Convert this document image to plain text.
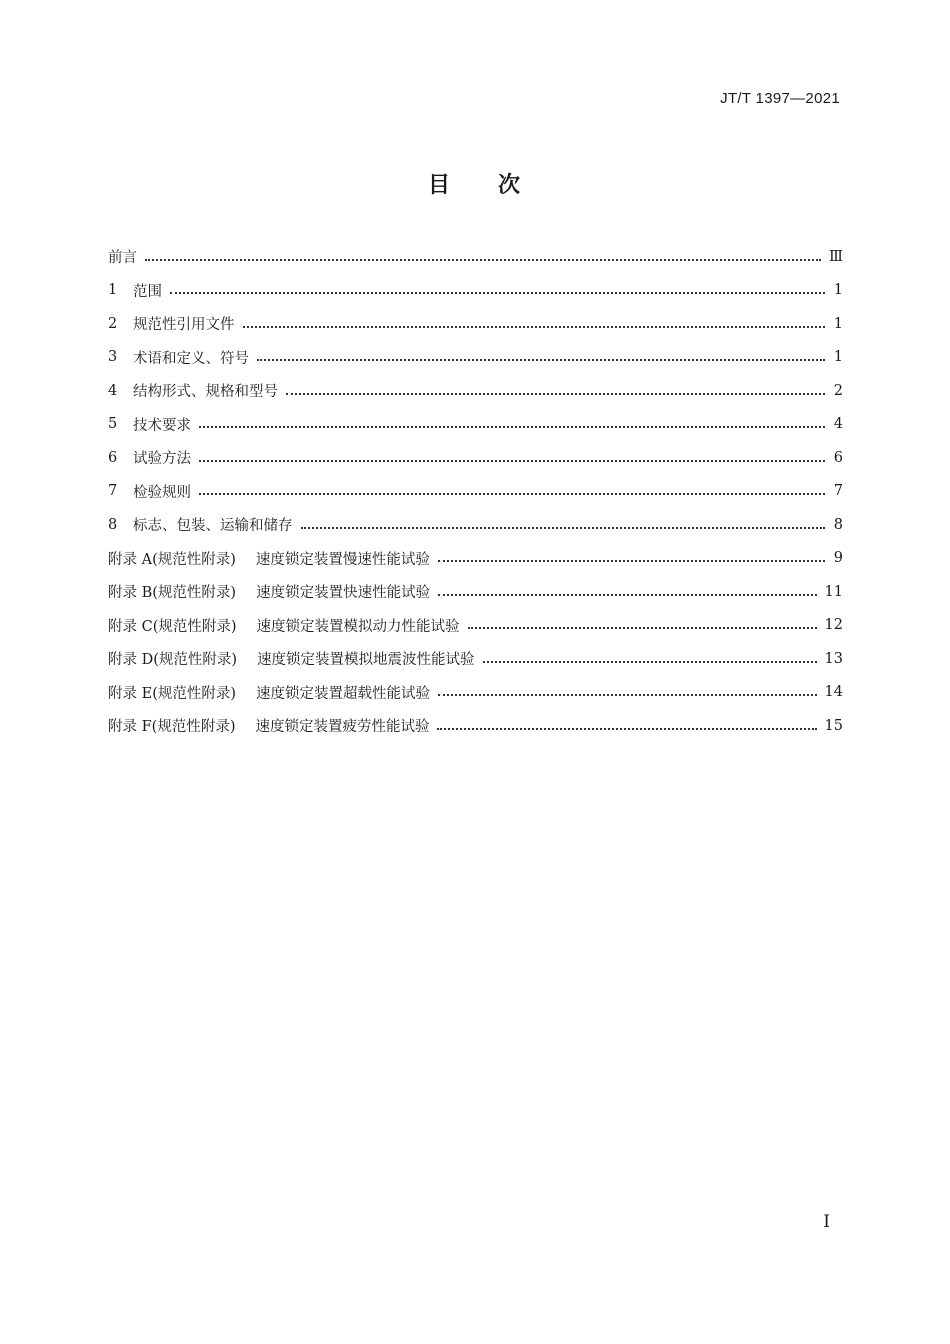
JT/T 1397—2021
目 次
前言	Ⅲ
1	范围	1
2	规范性引用文件	1
3	术语和定义、符号	1
4	结构形式、规格和型号	2
5	技术要求	4
6	试验方法	6
7	检验规则	7
8	标志、包装、运输和储存	8
附录 A(规范性附录) 速度锁定装置慢速性能试验	9
附录 B(规范性附录) 速度锁定装置快速性能试验	11
附录 C(规范性附录) 速度锁定装置模拟动力性能试验	12
附录 D(规范性附录) 速度锁定装置模拟地震波性能试验	13
附录 E(规范性附录) 速度锁定装置超载性能试验	14
附录 F(规范性附录) 速度锁定装置疲劳性能试验	15
I
